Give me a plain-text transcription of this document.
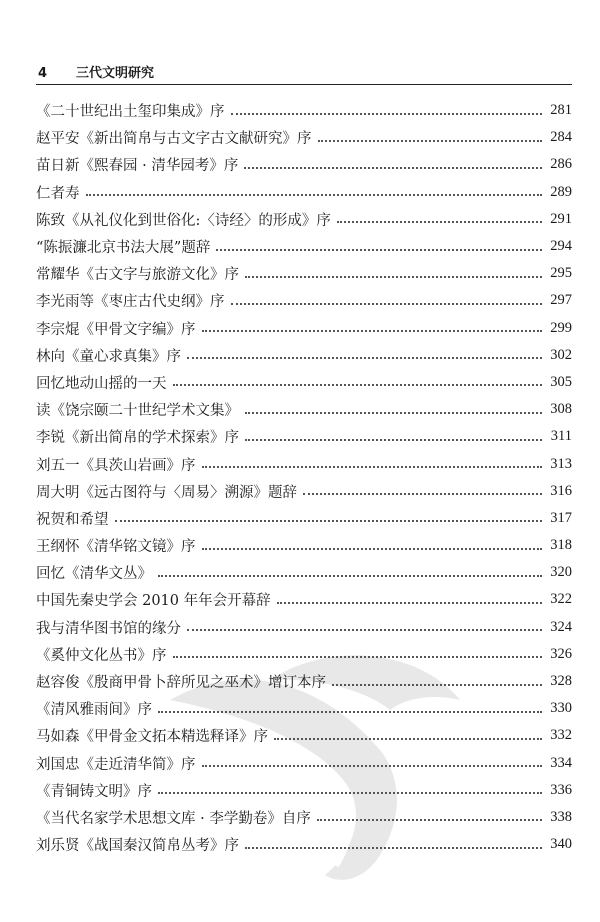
4	三代文明研究
《二十世纪出土玺印集成》序	281
赵平安《新出简帛与古文字古文献研究》序	284
苗日新《熙春园 · 清华园考》序	286
仁者寿	289
陈致《从礼仪化到世俗化:〈诗经〉的形成》序	291
“陈振濂北京书法大展”题辞	294
常耀华《古文字与旅游文化》序	295
李光雨等《枣庄古代史纲》序	297
李宗焜《甲骨文字编》序	299
林向《童心求真集》序	302
回忆地动山摇的一天	305
读《饶宗颐二十世纪学术文集》	308
李锐《新出简帛的学术探索》序	311
刘五一《具茨山岩画》序	313
周大明《远古图符与〈周易〉溯源》题辞	316
祝贺和希望	317
王纲怀《清华铭文镜》序	318
回忆《清华文丛》	320
中国先秦史学会 2010 年年会开幕辞	322
我与清华图书馆的缘分	324
《奚仲文化丛书》序	326
赵容俊《殷商甲骨卜辞所见之巫术》增订本序	328
《清风雅雨间》序	330
马如森《甲骨金文拓本精选释译》序	332
刘国忠《走近清华简》序	334
《青铜铸文明》序	336
《当代名家学术思想文库 · 李学勤卷》自序	338
刘乐贤《战国秦汉简帛丛考》序	340
